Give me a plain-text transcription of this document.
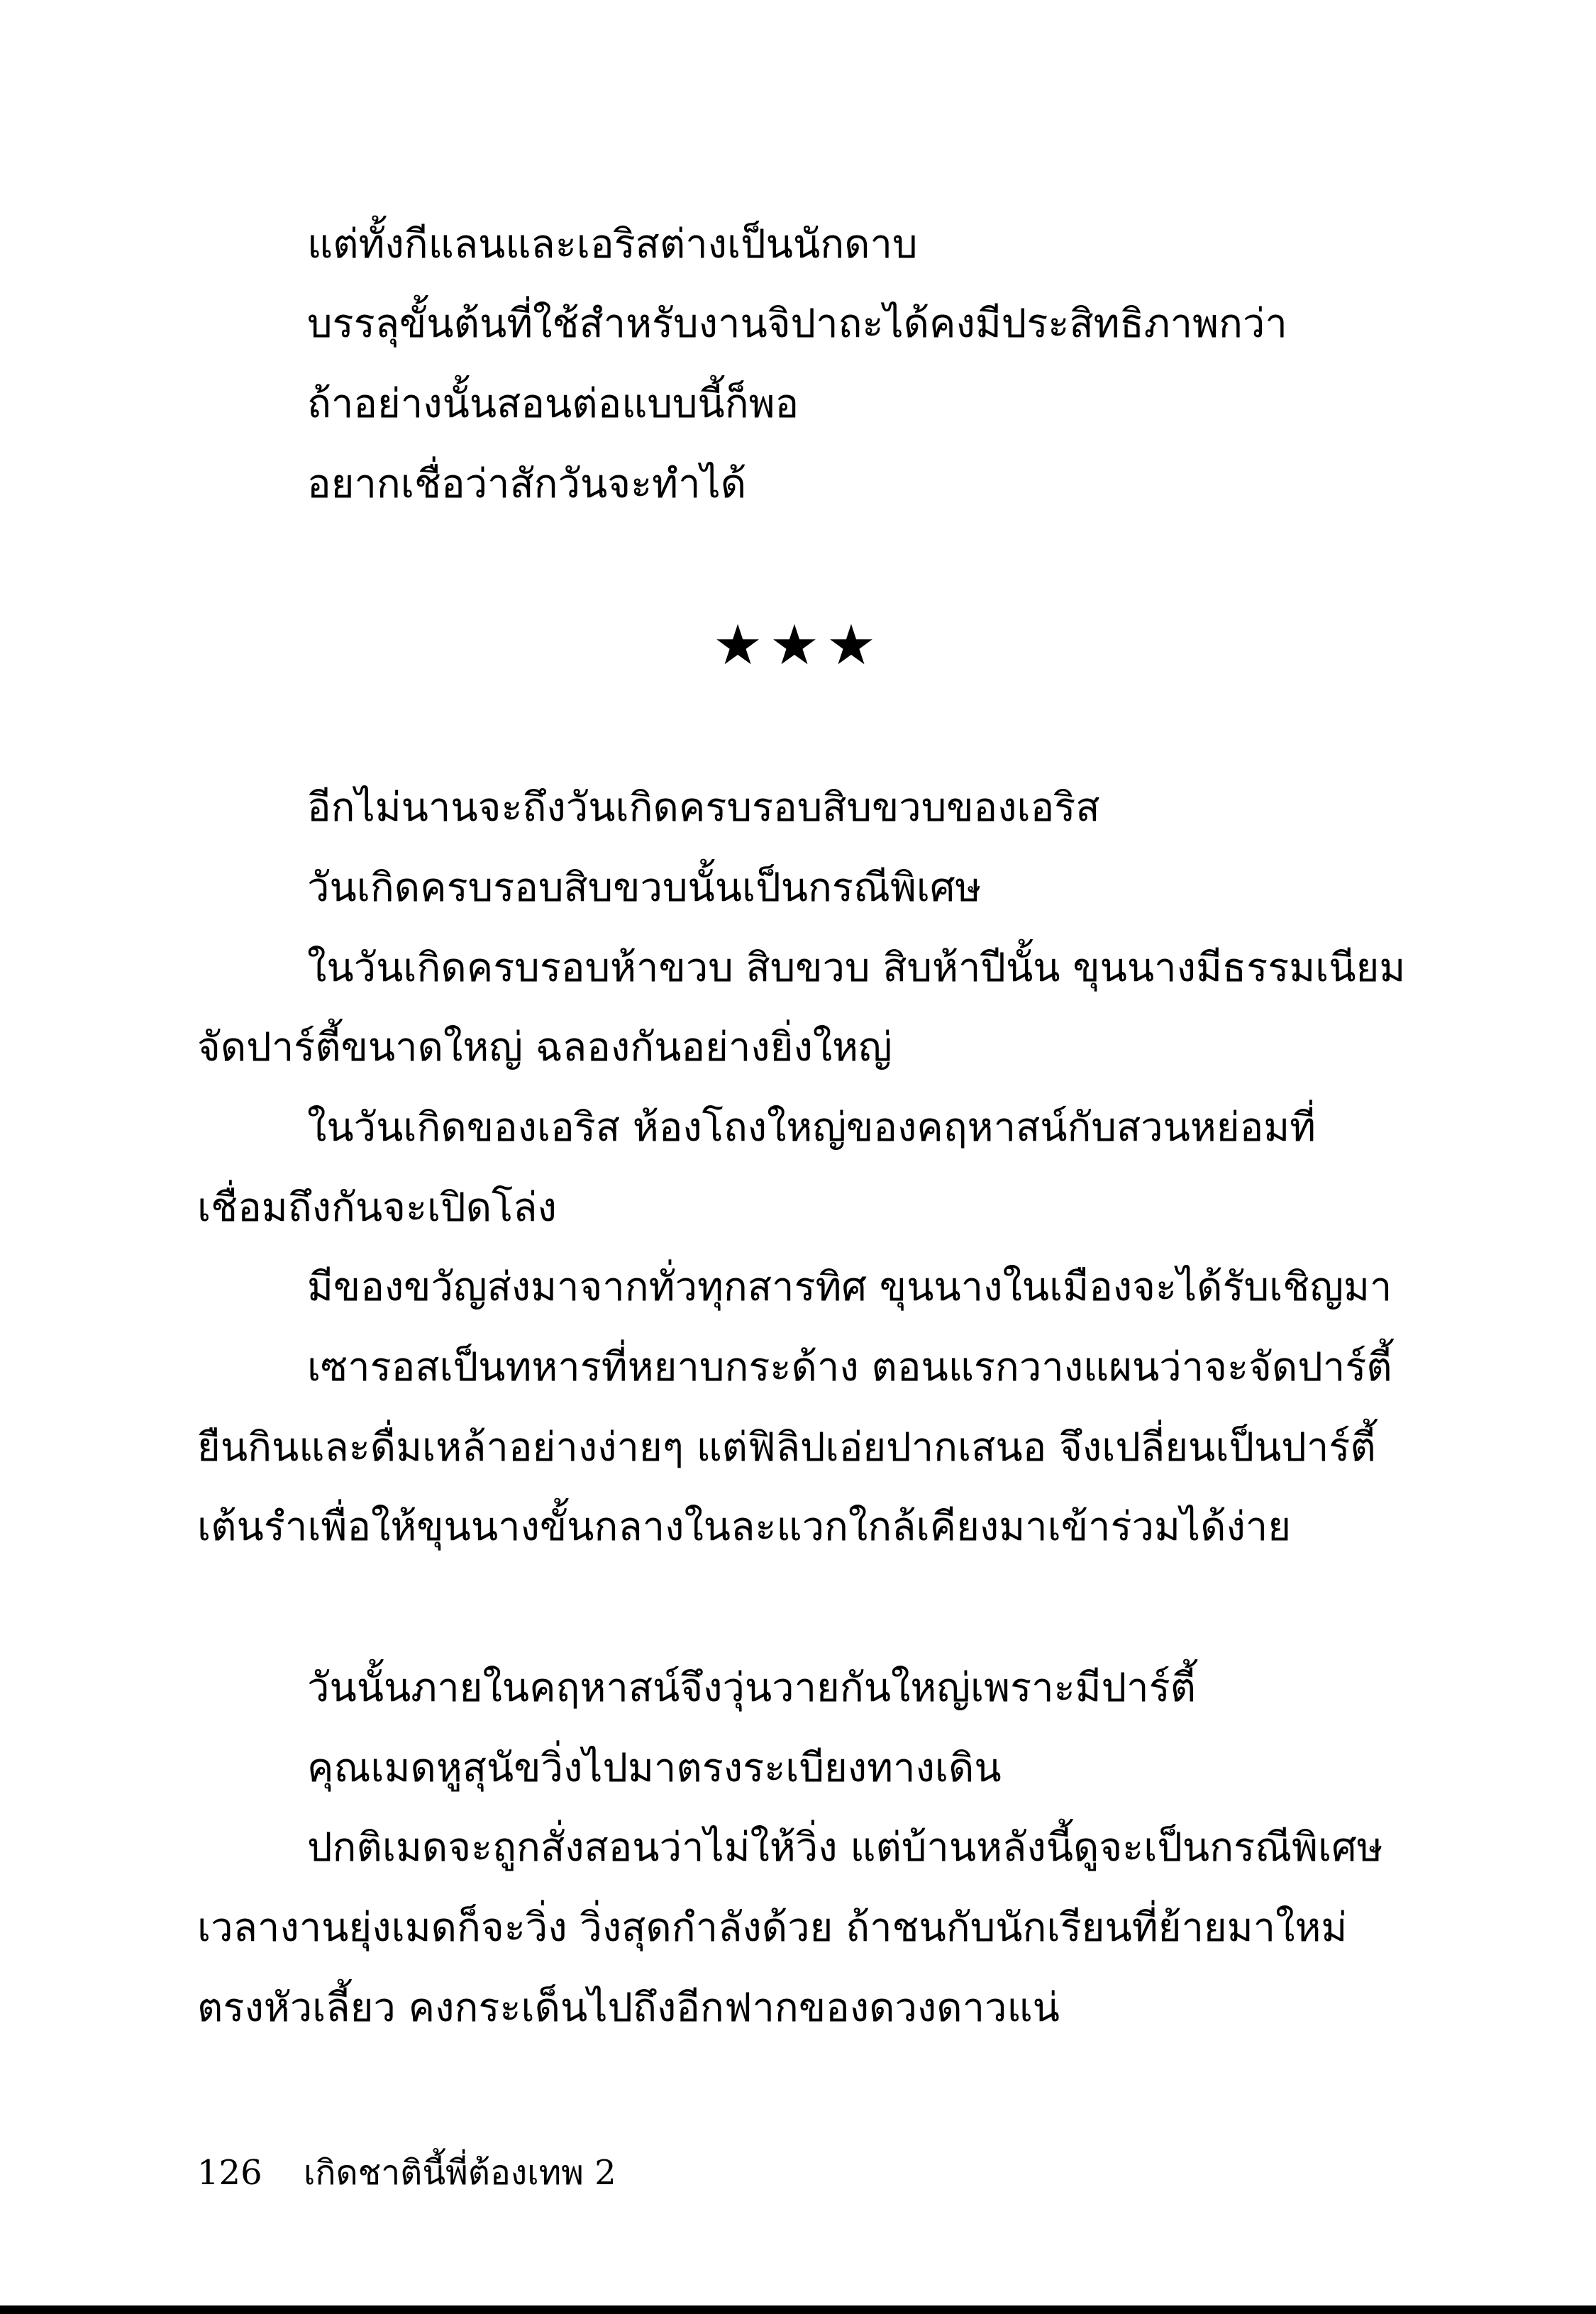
แต่ทั้งกีแลนและเอริสต่างเป็นนักดาบ
บรรลุขั้นต้นที่ใช้สำหรับงานจิปาถะได้คงมีประสิทธิภาพกว่า
ถ้าอย่างนั้นสอนต่อแบบนี้ก็พอ
อยากเชื่อว่าสักวันจะทำได้
★★★
อีกไม่นานจะถึงวันเกิดครบรอบสิบขวบของเอริส
วันเกิดครบรอบสิบขวบนั้นเป็นกรณีพิเศษ
ในวันเกิดครบรอบห้าขวบ สิบขวบ สิบห้าปีนั้น ขุนนางมีธรรมเนียม
จัดปาร์ตี้ขนาดใหญ่ ฉลองกันอย่างยิ่งใหญ่
ในวันเกิดของเอริส ห้องโถงใหญ่ของคฤหาสน์กับสวนหย่อมที่
เชื่อมถึงกันจะเปิดโล่ง
มีของขวัญส่งมาจากทั่วทุกสารทิศ ขุนนางในเมืองจะได้รับเชิญมา
เซารอสเป็นทหารที่หยาบกระด้าง ตอนแรกวางแผนว่าจะจัดปาร์ตี้
ยืนกินและดื่มเหล้าอย่างง่ายๆ แต่ฟิลิปเอ่ยปากเสนอ จึงเปลี่ยนเป็นปาร์ตี้
เต้นรำเพื่อให้ขุนนางขั้นกลางในละแวกใกล้เคียงมาเข้าร่วมได้ง่าย
วันนั้นภายในคฤหาสน์จึงวุ่นวายกันใหญ่เพราะมีปาร์ตี้
คุณเมดหูสุนัขวิ่งไปมาตรงระเบียงทางเดิน
ปกติเมดจะถูกสั่งสอนว่าไม่ให้วิ่ง แต่บ้านหลังนี้ดูจะเป็นกรณีพิเศษ
เวลางานยุ่งเมดก็จะวิ่ง วิ่งสุดกำลังด้วย ถ้าชนกับนักเรียนที่ย้ายมาใหม่
ตรงหัวเลี้ยว คงกระเด็นไปถึงอีกฟากของดวงดาวแน่
126 เกิดชาตินี้พี่ต้องเทพ 2
